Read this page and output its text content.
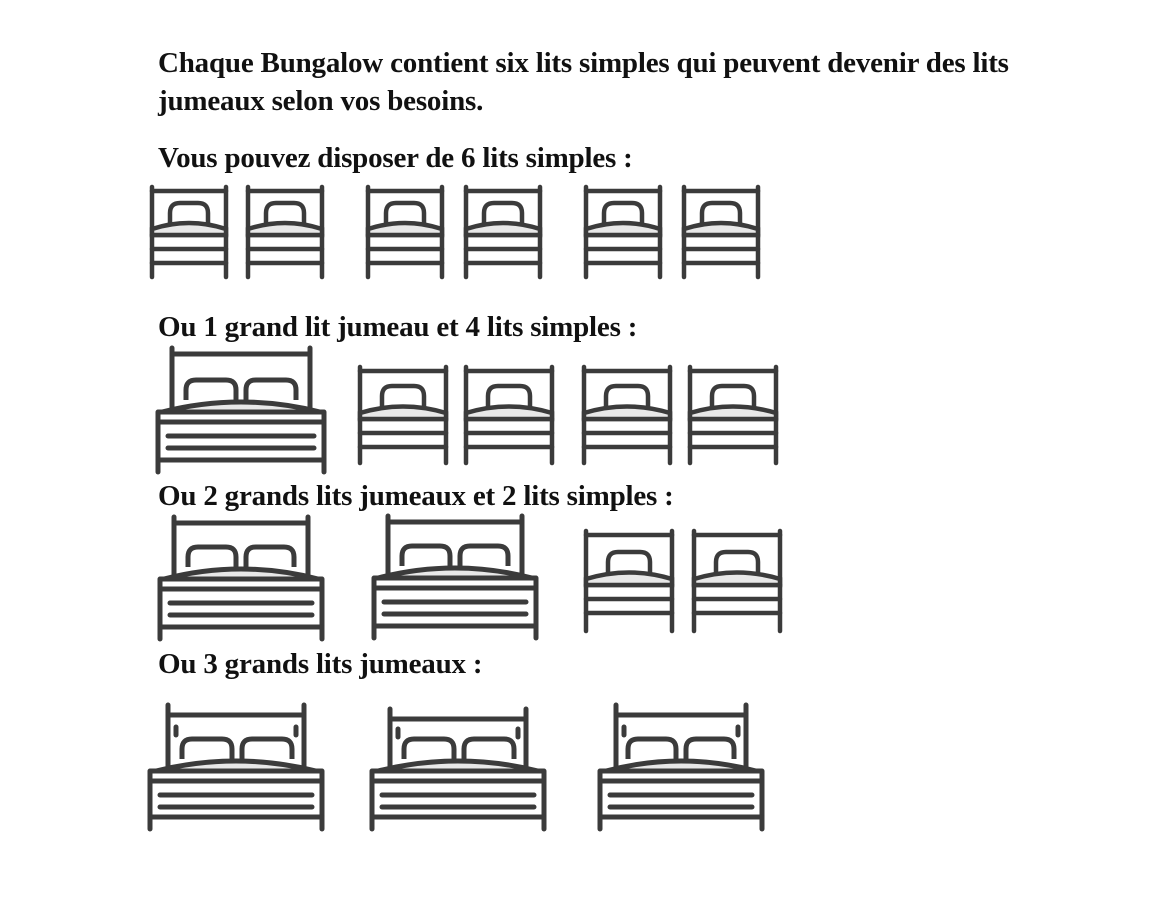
Chaque Bungalow contient six lits simples qui peuvent devenir des lits
jumeaux selon vos besoins.
Vous pouvez disposer de 6 lits simples :
Ou 1 grand lit jumeau et 4 lits simples :
Ou 2 grands lits jumeaux et 2 lits simples :
Ou 3 grands lits jumeaux :
